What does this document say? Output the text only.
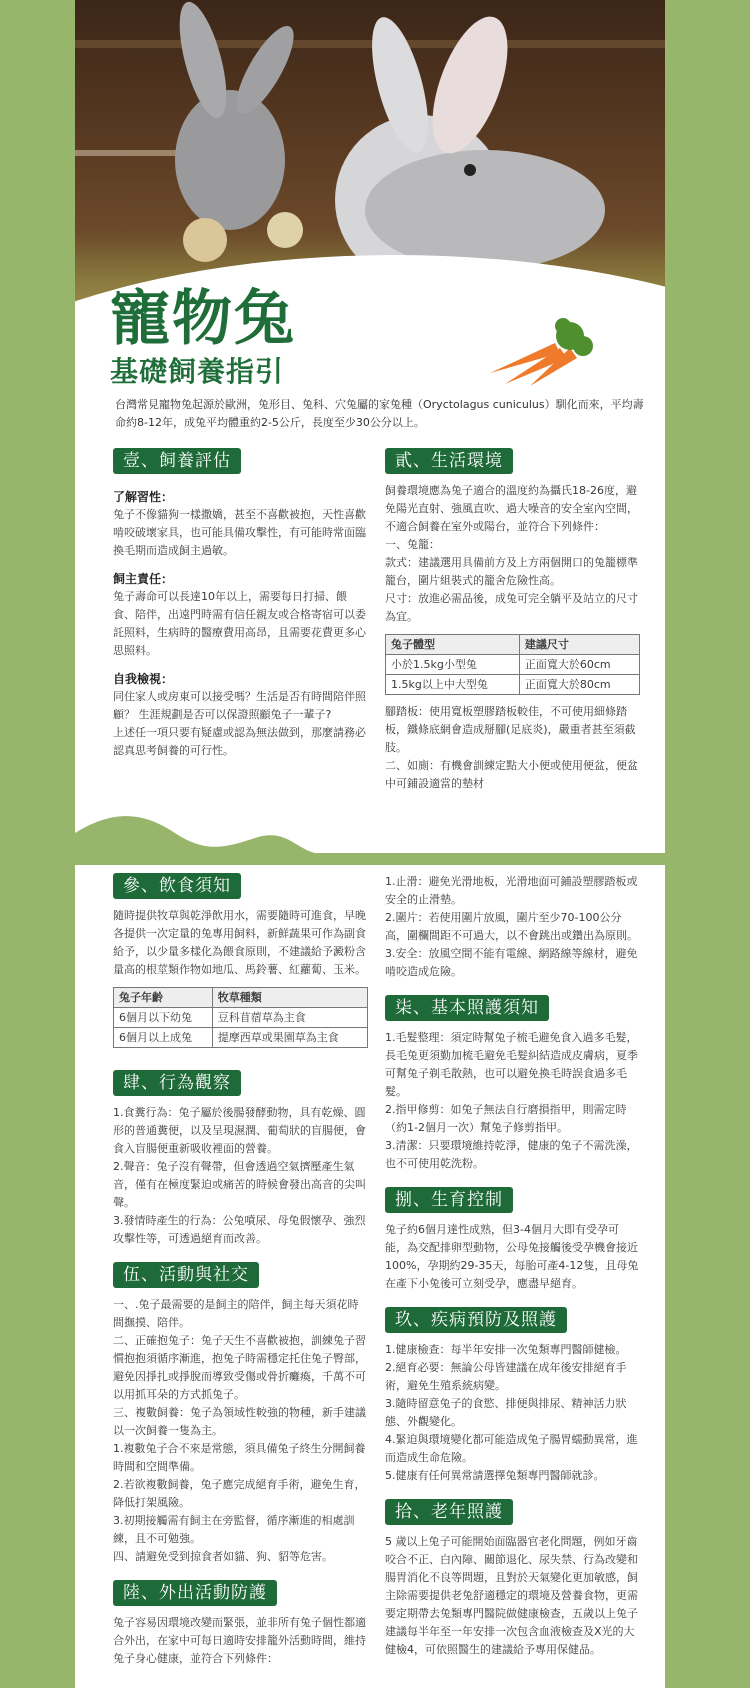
寵物兔
基礎飼養指引
台灣常見寵物兔起源於歐洲，兔形目、兔科、穴兔屬的家兔種（Oryctolagus cuniculus）馴化而來，平均壽命約8-12年，成兔平均體重約2-5公斤，長度至少30公分以上。
壹、飼養評估
了解習性：

兔子不像貓狗一樣撒嬌，甚至不喜歡被抱，天性喜歡啃咬破壞家具，也可能具備攻擊性，有可能時常面臨換毛期而造成飼主過敏。

飼主責任：

兔子壽命可以長達10年以上，需要每日打掃、餵食、陪伴，出遠門時需有信任親友或合格寄宿可以委託照料，生病時的醫療費用高昂，且需要花費更多心思照料。

自我檢視：

同住家人或房東可以接受嗎？生活是否有時間陪伴照顧？ 生涯規劃是否可以保證照顧兔子一輩子?

上述任一項只要有疑慮或認為無法做到，那麼請務必認真思考飼養的可行性。

貳、生活環境

飼養環境應為兔子適合的溫度約為攝氏18-26度，避免陽光直射、強風直吹、過大噪音的安全室內空間，不適合飼養在室外或陽台，並符合下列條件：

一、兔籠：

款式：建議選用具備前方及上方兩個開口的兔籠標準籠台，圍片組裝式的籠舍危險性高。

尺寸：放進必需品後，成兔可完全躺平及站立的尺寸為宜。

兔子體型	建議尺寸
小於1.5kg小型兔	正面寬大於60cm
1.5kg以上中大型兔	正面寬大於80cm

腳踏板：使用寬板塑膠踏板較佳，不可使用細條踏板，鐵條底網會造成掰腳(足底炎)，嚴重者甚至須截肢。

二、如廁：有機會訓練定點大小便或使用便盆，便盆中可鋪設適當的墊材

參、飲食須知

隨時提供牧草與乾淨飲用水，需要隨時可進食，早晚各提供一次定量的兔專用飼料，新鮮蔬果可作為副食給予，以少量多樣化為餵食原則，不建議給予澱粉含量高的根莖類作物如地瓜、馬鈴薯、紅蘿蔔、玉米。

兔子年齡	牧草種類
6個月以下幼兔	豆科苜蓿草為主食
6個月以上成兔	提摩西草或果園草為主食
肆、行為觀察

1.食糞行為：兔子屬於後腸發酵動物，具有乾燥、圓形的普通糞便，以及呈現濕潤、葡萄狀的盲腸便，會食入盲腸便重新吸收裡面的營養。

2.聲音：兔子沒有聲帶，但會透過空氣擠壓產生氣音，僅有在極度緊迫或痛苦的時候會發出高音的尖叫聲。

3.發情時產生的行為：公兔噴尿、母兔假懷孕、強烈攻擊性等，可透過絕育而改善。

伍、活動與社交

一、.兔子最需要的是飼主的陪伴，飼主每天須花時間撫摸、陪伴。

二、正確抱兔子：兔子天生不喜歡被抱，訓練兔子習慣抱抱須循序漸進，抱兔子時需穩定托住兔子臀部，避免因掙扎或掙脫而導致受傷或骨折癱瘓，千萬不可以用抓耳朵的方式抓兔子。

三、複數飼養：兔子為領域性較強的物種，新手建議以一次飼養一隻為主。

1.複數兔子合不來是常態，須具備兔子終生分開飼養時間和空間準備。

2.若欲複數飼養，兔子應完成絕育手術，避免生育，降低打架風險。

3.初期接觸需有飼主在旁監督，循序漸進的相處訓練，且不可勉強。

四、請避免受到掠食者如貓、狗、貂等危害。

陸、外出活動防護

兔子容易因環境改變而緊張，並非所有兔子個性都適合外出，在家中可每日適時安排籠外活動時間，維持兔子身心健康，並符合下列條件：

1.止滑：避免光滑地板，光滑地面可鋪設塑膠踏板或安全的止滑墊。

2.圍片：若使用圍片放風，圍片至少70-100公分高，圍欄間距不可過大，以不會跳出或鑽出為原則。

3.安全：放風空間不能有電線、網路線等線材，避免啃咬造成危險。

柒、基本照護須知

1.毛髮整理：須定時幫兔子梳毛避免食入過多毛髮，長毛兔更須勤加梳毛避免毛髮糾結造成皮膚病，夏季可幫兔子剃毛散熱，也可以避免換毛時誤食過多毛髮。

2.指甲修剪：如兔子無法自行磨損指甲，則需定時（約1-2個月一次）幫兔子修剪指甲。

3.清潔：只要環境維持乾淨，健康的兔子不需洗澡，也不可使用乾洗粉。

捌、生育控制

兔子約6個月達性成熟，但3-4個月大即有受孕可能，為交配排卵型動物，公母兔接觸後受孕機會接近100%，孕期約29-35天，每胎可產4-12隻，且母兔在產下小兔後可立刻受孕，應盡早絕育。

玖、疾病預防及照護

1.健康檢查：每半年安排一次兔類專門醫師健檢。

2.絕育必要：無論公母皆建議在成年後安排絕育手術，避免生殖系統病變。

3.隨時留意兔子的食慾、排便與排尿、精神活力狀態、外觀變化。

4.緊迫與環境變化都可能造成兔子腸胃蠕動異常，進而造成生命危險。

5.健康有任何異常請選擇兔類專門醫師就診。

拾、老年照護

5 歲以上兔子可能開始面臨器官老化問題，例如牙齒咬合不正、白內障、關節退化、尿失禁、行為改變和腸胃消化不良等問題，且對於天氣變化更加敏感，飼主除需要提供老兔舒適穩定的環境及營養食物，更需要定期帶去兔類專門醫院做健康檢查，五歲以上兔子建議每半年至一年安排一次包含血液檢查及X光的大健檢4，可依照醫生的建議給予專用保健品。
